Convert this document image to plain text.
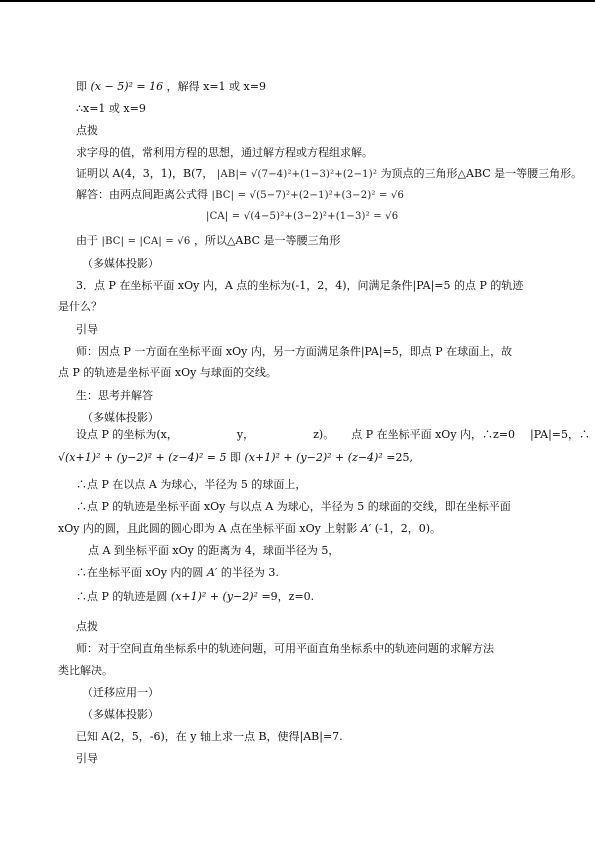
即 (x − 5)² = 16 ，解得 x=1 或 x=9
∴x=1 或 x=9
点拨
求字母的值，常利用方程的思想，通过解方程或方程组求解。
证明以 A(4，3，1)，B(7， |AB|= √(7−4)²+(1−3)²+(2−1)² 为顶点的三角形△ABC 是一等腰三角形。
解答：由两点间距离公式得 |BC| = √(5−7)²+(2−1)²+(3−2)² = √6
|CA| = √(4−5)²+(3−2)²+(1−3)² = √6
由于 |BC| = |CA| = √6 ，所以△ABC 是一等腰三角形
（多媒体投影）
3．点 P 在坐标平面 xOy 内，A 点的坐标为(-1，2，4)，问满足条件|PA|=5 的点 P 的轨迹
是什么？
引导
师：因点 P 一方面在坐标平面 xOy 内，另一方面满足条件|PA|=5，即点 P 在球面上，故
点 P 的轨迹是坐标平面 xOy 与球面的交线。
生：思考并解答
（多媒体投影）
设点 P 的坐标为(x，	y，	z)。 点 P 在坐标平面 xOy 内，∴z=0 |PA|=5，∴
√(x+1)² + (y−2)² + (z−4)² = 5 即 (x+1)² + (y−2)² + (z−4)² =25,
∴点 P 在以点 A 为球心，半径为 5 的球面上，
∴点 P 的轨迹是坐标平面 xOy 与以点 A 为球心，半径为 5 的球面的交线，即在坐标平面
xOy 内的圆，且此圆的圆心即为 A 点在坐标平面 xOy 上射影 A′ (-1，2，0)。
点 A 到坐标平面 xOy 的距离为 4，球面半径为 5，
∴在坐标平面 xOy 内的圆 A′ 的半径为 3.
∴点 P 的轨迹是圆 (x+1)² + (y−2)² =9，z=0.
点拨
师：对于空间直角坐标系中的轨迹问题，可用平面直角坐标系中的轨迹问题的求解方法
类比解决。
（迁移应用一）
（多媒体投影）
已知 A(2，5，-6)，在 y 轴上求一点 B，使得|AB|=7.
引导
